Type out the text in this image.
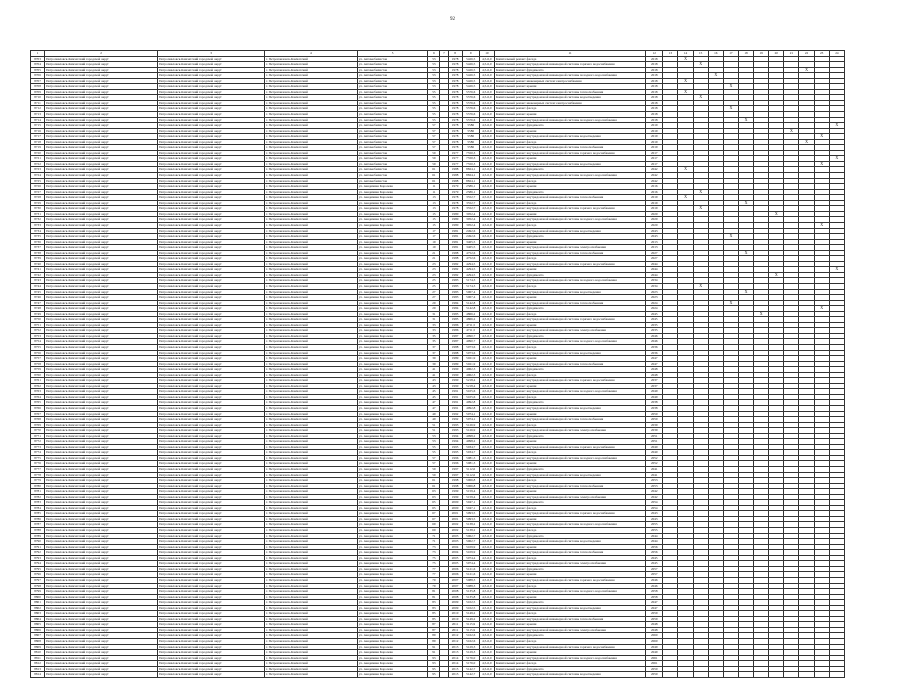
92
1	2	3	4	5	6	7	8	9	10	11	12	13	14	15	16	17	18	19	20	21	22	23	24
8703	Петропавловск-Камчатский городской округ	Петропавловск-Камчатский городской округ	г. Петропавловск-Камчатский	ул. Автомобилистов	53		1978	5426,5	4,5-6,0	Капитальный ремонт фасада	2018		X										
8704	Петропавловск-Камчатский городской округ	Петропавловск-Камчатский городской округ	г. Петропавловск-Камчатский	ул. Автомобилистов	53		1978	5426,5	4,5-6,0	Капитальный ремонт внутридомовой инженерной системы горячего водоснабжения	2018			X									
8705	Петропавловск-Камчатский городской округ	Петропавловск-Камчатский городской округ	г. Петропавловск-Камчатский	ул. Автомобилистов	53		1978	5426,5	4,5-6,0	Капитальный ремонт фундамента	2018										X		
8706	Петропавловск-Камчатский городской округ	Петропавловск-Камчатский городской округ	г. Петропавловск-Камчатский	ул. Автомобилистов	53		1978	5426,5	4,5-6,0	Капитальный ремонт внутридомовой инженерной системы холодного водоснабжения	2018				X								
8707	Петропавловск-Камчатский городской округ	Петропавловск-Камчатский городской округ	г. Петропавловск-Камчатский	ул. Автомобилистов	53		1978	5426,5	4,5-6,0	Капитальный ремонт инженерных систем электроснабжения	2018		X										
8708	Петропавловск-Камчатский городской округ	Петропавловск-Камчатский городской округ	г. Петропавловск-Камчатский	ул. Автомобилистов	53		1978	5426,5	4,5-6,0	Капитальный ремонт крыши	2018					X							
8709	Петропавловск-Камчатский городской округ	Петропавловск-Камчатский городской округ	г. Петропавловск-Камчатский	ул. Автомобилистов	55		1978	5576,6	4,5-6,0	Капитальный ремонт внутридомовой инженерной системы теплоснабжения	2018		X										
8710	Петропавловск-Камчатский городской округ	Петропавловск-Камчатский городской округ	г. Петропавловск-Камчатский	ул. Автомобилистов	55		1978	5576,6	4,5-6,0	Капитальный ремонт внутридомовой инженерной системы водоотведения	2018			X									
8711	Петропавловск-Камчатский городской округ	Петропавловск-Камчатский городской округ	г. Петропавловск-Камчатский	ул. Автомобилистов	55		1978	5576,6	4,5-6,0	Капитальный ремонт инженерных систем электроснабжения	2018												
8712	Петропавловск-Камчатский городской округ	Петропавловск-Камчатский городской округ	г. Петропавловск-Камчатский	ул. Автомобилистов	55		1978	5576,6	4,5-6,0	Капитальный ремонт фасада	2018					X							
8713	Петропавловск-Камчатский городской округ	Петропавловск-Камчатский городской округ	г. Петропавловск-Камчатский	ул. Автомобилистов	55		1978	5576,6	4,5-6,0	Капитальный ремонт крыши	2018												
8714	Петропавловск-Камчатский городской округ	Петропавловск-Камчатский городской округ	г. Петропавловск-Камчатский	ул. Автомобилистов	55		1978	5576,6	4,5-6,0	Капитальный ремонт внутридомовой инженерной системы холодного водоснабжения	2018						X						
8715	Петропавловск-Камчатский городской округ	Петропавловск-Камчатский городской округ	г. Петропавловск-Камчатский	ул. Автомобилистов	57		1978	5586	4,5-6,0	Капитальный ремонт фундамента	2019												X
8716	Петропавловск-Камчатский городской округ	Петропавловск-Камчатский городской округ	г. Петропавловск-Камчатский	ул. Автомобилистов	57		1978	5586	4,5-6,0	Капитальный ремонт крыши	2019									X			
8717	Петропавловск-Камчатский городской округ	Петропавловск-Камчатский городской округ	г. Петропавловск-Камчатский	ул. Автомобилистов	57		1978	5586	4,5-6,0	Капитальный ремонт внутридомовой инженерной системы водоотведения	2019											X	
8718	Петропавловск-Камчатский городской округ	Петропавловск-Камчатский городской округ	г. Петропавловск-Камчатский	ул. Автомобилистов	57		1978	5586	4,5-6,0	Капитальный ремонт фасада	2019										X		
8719	Петропавловск-Камчатский городской округ	Петропавловск-Камчатский городской округ	г. Петропавловск-Камчатский	ул. Автомобилистов	57		1978	5586	4,5-6,0	Капитальный ремонт внутридомовой инженерной системы теплоснабжения	2019												
8720	Петропавловск-Камчатский городской округ	Петропавловск-Камчатский городской округ	г. Петропавловск-Камчатский	ул. Автомобилистов	59		1977	7550,3	4,5-6,0	Капитальный ремонт внутридомовой инженерной системы горячего водоснабжения	2017												
8721	Петропавловск-Камчатский городской округ	Петропавловск-Камчатский городской округ	г. Петропавловск-Камчатский	ул. Автомобилистов	59		1977	7550,3	4,5-6,0	Капитальный ремонт крыши	2017												X
8722	Петропавловск-Камчатский городской округ	Петропавловск-Камчатский городской округ	г. Петропавловск-Камчатский	ул. Автомобилистов	59		1977	7550,3	4,5-6,0	Капитальный ремонт внутридомовой инженерной системы водоотведения	2017											X	
8723	Петропавловск-Камчатский городской округ	Петропавловск-Камчатский городской округ	г. Петропавловск-Камчатский	ул. Автомобилистов	61		1988	8824,1	4,5-6,0	Капитальный ремонт фундамента	2042		X										
8724	Петропавловск-Камчатский городской округ	Петропавловск-Камчатский городской округ	г. Петропавловск-Камчатский	ул. Автомобилистов	61		1988	8824,1	4,5-6,0	Капитальный ремонт внутридомовой инженерной системы холодного водоснабжения	2042												
8725	Петропавловск-Камчатский городской округ	Петропавловск-Камчатский городской округ	г. Петропавловск-Камчатский	ул. Автомобилистов	61		1988	8824,1	4,5-6,0	Капитальный ремонт фасада	2042												
8726	Петропавловск-Камчатский городской округ	Петропавловск-Камчатский городской округ	г. Петропавловск-Камчатский	ул. Академика Королева	11		1979	2586,1	4,5-6,0	Капитальный ремонт крыши	2016												
8727	Петропавловск-Камчатский городской округ	Петропавловск-Камчатский городской округ	г. Петропавловск-Камчатский	ул. Академика Королева	11		1979	2586,1	4,5-6,0	Капитальный ремонт фундамента	2016			X									
8728	Петропавловск-Камчатский городской округ	Петропавловск-Камчатский городской округ	г. Петропавловск-Камчатский	ул. Академика Королева	13		1978	3552,7	4,5-6,0	Капитальный ремонт внутридомовой инженерной системы теплоснабжения	2019		X										
8729	Петропавловск-Камчатский городской округ	Петропавловск-Камчатский городской округ	г. Петропавловск-Камчатский	ул. Академика Королева	13		1978	3552,7	4,5-6,0	Капитальный ремонт фасада	2019						X						
8730	Петропавловск-Камчатский городской округ	Петропавловск-Камчатский городской округ	г. Петропавловск-Камчатский	ул. Академика Королева	13		1978	3552,7	4,5-6,0	Капитальный ремонт внутридомовой инженерной системы горячего водоснабжения	2019			X									
8731	Петропавловск-Камчатский городской округ	Петропавловск-Камчатский городской округ	г. Петропавловск-Камчатский	ул. Академика Королева	15		1980	3052,4	4,5-6,0	Капитальный ремонт крыши	2020								X				
8732	Петропавловск-Камчатский городской округ	Петропавловск-Камчатский городской округ	г. Петропавловск-Камчатский	ул. Академика Королева	15		1980	3052,4	4,5-6,0	Капитальный ремонт внутридомовой инженерной системы холодного водоснабжения	2020												
8733	Петропавловск-Камчатский городской округ	Петропавловск-Камчатский городской округ	г. Петропавловск-Камчатский	ул. Академика Королева	15		1980	3052,4	4,5-6,0	Капитальный ремонт фасада	2020											X	
8734	Петропавловск-Камчатский городской округ	Петропавловск-Камчатский городской округ	г. Петропавловск-Камчатский	ул. Академика Королева	17		1981	2492,6	4,5-6,0	Капитальный ремонт внутридомовой инженерной системы водоотведения	2043												
8735	Петропавловск-Камчатский городской округ	Петропавловск-Камчатский городской округ	г. Петропавловск-Камчатский	ул. Академика Королева	17		1981	2492,6	4,5-6,0	Капитальный ремонт фундамента	2043					X							
8736	Петропавловск-Камчатский городской округ	Петропавловск-Камчатский городской округ	г. Петропавловск-Камчатский	ул. Академика Королева	19		1981	3465,5	4,5-6,0	Капитальный ремонт крыши	2013												
8737	Петропавловск-Камчатский городской округ	Петропавловск-Камчатский городской округ	г. Петропавловск-Камчатский	ул. Академика Королева	19		1981	3465,5	4,5-6,0	Капитальный ремонт внутридомовой инженерной системы электроснабжения	2013												
8738	Петропавловск-Камчатский городской округ	Петропавловск-Камчатский городской округ	г. Петропавловск-Камчатский	ул. Академика Королева	21		1988	4752,6	4,5-6,0	Капитальный ремонт внутридомовой инженерной системы теплоснабжения	2027						X						
8739	Петропавловск-Камчатский городской округ	Петропавловск-Камчатский городской округ	г. Петропавловск-Камчатский	ул. Академика Королева	21		1988	4752,6	4,5-6,0	Капитальный ремонт фасада	2027												
8740	Петропавловск-Камчатский городской округ	Петропавловск-Камчатский городской округ	г. Петропавловск-Камчатский	ул. Академика Королева	23		1982	4294,5	4,5-6,0	Капитальный ремонт внутридомовой инженерной системы горячего водоснабжения	2044												
8741	Петропавловск-Камчатский городской округ	Петропавловск-Камчатский городской округ	г. Петропавловск-Камчатский	ул. Академика Королева	23		1982	4294,5	4,5-6,0	Капитальный ремонт крыши	2044												X
8742	Петропавловск-Камчатский городской округ	Петропавловск-Камчатский городской округ	г. Петропавловск-Камчатский	ул. Академика Королева	23		1982	4294,5	4,5-6,0	Капитальный ремонт фундамента	2044								X				
8743	Петропавловск-Камчатский городской округ	Петропавловск-Камчатский городской округ	г. Петропавловск-Камчатский	ул. Академика Королева	25		1983	5174,3	4,5-6,0	Капитальный ремонт внутридомовой инженерной системы холодного водоснабжения	2034												
8744	Петропавловск-Камчатский городской округ	Петропавловск-Камчатский городской округ	г. Петропавловск-Камчатский	ул. Академика Королева	25		1983	5174,3	4,5-6,0	Капитальный ремонт фасада	2034			X									
8745	Петропавловск-Камчатский городской округ	Петропавловск-Камчатский городской округ	г. Петропавловск-Камчатский	ул. Академика Королева	27		1983	5067,4	4,5-6,0	Капитальный ремонт внутридомовой инженерной системы водоотведения	2023						X						
8746	Петропавловск-Камчатский городской округ	Петропавловск-Камчатский городской округ	г. Петропавловск-Камчатский	ул. Академика Королева	27		1983	5067,4	4,5-6,0	Капитальный ремонт крыши	2023												
8747	Петропавловск-Камчатский городской округ	Петропавловск-Камчатский городской округ	г. Петропавловск-Камчатский	ул. Академика Королева	29		1984	5142,8	4,5-6,0	Капитальный ремонт внутридомовой инженерной системы теплоснабжения	2024					X							
8748	Петропавловск-Камчатский городской округ	Петропавловск-Камчатский городской округ	г. Петропавловск-Камчатский	ул. Академика Королева	29		1984	5142,8	4,5-6,0	Капитальный ремонт фундамента	2024											X	
8749	Петропавловск-Камчатский городской округ	Петропавловск-Камчатский городской округ	г. Петропавловск-Камчатский	ул. Академика Королева	31		1985	4866,2	4,5-6,0	Капитальный ремонт фасада	2045							X					
8750	Петропавловск-Камчатский городской округ	Петропавловск-Камчатский городской округ	г. Петропавловск-Камчатский	ул. Академика Королева	31		1985	4866,2	4,5-6,0	Капитальный ремонт внутридомовой инженерной системы горячего водоснабжения	2045												
8751	Петропавловск-Камчатский городской округ	Петропавловск-Камчатский городской округ	г. Петропавловск-Камчатский	ул. Академика Королева	33		1986	4711,5	4,5-6,0	Капитальный ремонт крыши	2035												
8752	Петропавловск-Камчатский городской округ	Петропавловск-Камчатский городской округ	г. Петропавловск-Камчатский	ул. Академика Королева	33		1986	4711,5	4,5-6,0	Капитальный ремонт внутридомовой инженерной системы электроснабжения	2035												
8753	Петропавловск-Камчатский городской округ	Петропавловск-Камчатский городской округ	г. Петропавловск-Камчатский	ул. Академика Королева	35		1987	4990,7	4,5-6,0	Капитальный ремонт фундамента	2046												
8754	Петропавловск-Камчатский городской округ	Петропавловск-Камчатский городской округ	г. Петропавловск-Камчатский	ул. Академика Королева	35		1987	4990,7	4,5-6,0	Капитальный ремонт внутридомовой инженерной системы холодного водоснабжения	2046												
8755	Петропавловск-Камчатский городской округ	Петропавловск-Камчатский городской округ	г. Петропавловск-Камчатский	ул. Академика Королева	37		1988	5073,6	4,5-6,0	Капитальный ремонт фасада	2036												
8756	Петропавловск-Камчатский городской округ	Петропавловск-Камчатский городской округ	г. Петропавловск-Камчатский	ул. Академика Королева	37		1988	5073,6	4,5-6,0	Капитальный ремонт внутридомовой инженерной системы водоотведения	2036												
8757	Петропавловск-Камчатский городской округ	Петропавловск-Камчатский городской округ	г. Петропавловск-Камчатский	ул. Академика Королева	39		1989	5021,9	4,5-6,0	Капитальный ремонт крыши	2047												
8758	Петропавловск-Камчатский городской округ	Петропавловск-Камчатский городской округ	г. Петропавловск-Камчатский	ул. Академика Королева	39		1989	5021,9	4,5-6,0	Капитальный ремонт внутридомовой инженерной системы теплоснабжения	2047												
8759	Петропавловск-Камчатский городской округ	Петропавловск-Камчатский городской округ	г. Петропавловск-Камчатский	ул. Академика Королева	41		1990	4962,3	4,5-6,0	Капитальный ремонт фундамента	2048												
8760	Петропавловск-Камчатский городской округ	Петропавловск-Камчатский городской округ	г. Петропавловск-Камчатский	ул. Академика Королева	41		1990	4962,3	4,5-6,0	Капитальный ремонт фасада	2048												
8761	Петропавловск-Камчатский городской округ	Петропавловск-Камчатский городской округ	г. Петропавловск-Камчатский	ул. Академика Королева	43		1990	5218,4	4,5-6,0	Капитальный ремонт внутридомовой инженерной системы горячего водоснабжения	2037												
8762	Петропавловск-Камчатский городской округ	Петропавловск-Камчатский городской округ	г. Петропавловск-Камчатский	ул. Академика Королева	43		1990	5218,4	4,5-6,0	Капитальный ремонт крыши	2037												
8763	Петропавловск-Камчатский городской округ	Петропавловск-Камчатский городской округ	г. Петропавловск-Камчатский	ул. Академика Королева	45		1991	5105,6	4,5-6,0	Капитальный ремонт внутридомовой инженерной системы холодного водоснабжения	2049												
8764	Петропавловск-Камчатский городской округ	Петропавловск-Камчатский городской округ	г. Петропавловск-Камчатский	ул. Академика Королева	45		1991	5105,6	4,5-6,0	Капитальный ремонт фасада	2049												
8765	Петропавловск-Камчатский городской округ	Петропавловск-Камчатский городской округ	г. Петропавловск-Камчатский	ул. Академика Королева	47		1991	4992,8	4,5-6,0	Капитальный ремонт фундамента	2038												
8766	Петропавловск-Камчатский городской округ	Петропавловск-Камчатский городской округ	г. Петропавловск-Камчатский	ул. Академика Королева	47		1991	4992,8	4,5-6,0	Капитальный ремонт внутридомовой инженерной системы водоотведения	2038												
8767	Петропавловск-Камчатский городской округ	Петропавловск-Камчатский городской округ	г. Петропавловск-Камчатский	ул. Академика Королева	49		1992	5074,1	4,5-6,0	Капитальный ремонт крыши	2050												
8768	Петропавловск-Камчатский городской округ	Петропавловск-Камчатский городской округ	г. Петропавловск-Камчатский	ул. Академика Королева	49		1992	5074,1	4,5-6,0	Капитальный ремонт внутридомовой инженерной системы теплоснабжения	2050												
8769	Петропавловск-Камчатский городской округ	Петропавловск-Камчатский городской округ	г. Петропавловск-Камчатский	ул. Академика Королева	51		1993	5126,9	4,5-6,0	Капитальный ремонт фасада	2039												
8770	Петропавловск-Камчатский городской округ	Петропавловск-Камчатский городской округ	г. Петропавловск-Камчатский	ул. Академика Королева	51		1993	5126,9	4,5-6,0	Капитальный ремонт внутридомовой инженерной системы электроснабжения	2039												
8771	Петропавловск-Камчатский городской округ	Петропавловск-Камчатский городской округ	г. Петропавловск-Камчатский	ул. Академика Королева	53		1994	4998,2	4,5-6,0	Капитальный ремонт фундамента	2051												
8772	Петропавловск-Камчатский городской округ	Петропавловск-Камчатский городской округ	г. Петропавловск-Камчатский	ул. Академика Королева	53		1994	4998,2	4,5-6,0	Капитальный ремонт крыши	2051												
8773	Петропавловск-Камчатский городской округ	Петропавловск-Камчатский городской округ	г. Петропавловск-Камчатский	ул. Академика Королева	55		1995	5034,7	4,5-6,0	Капитальный ремонт внутридомовой инженерной системы горячего водоснабжения	2040												
8774	Петропавловск-Камчатский городской округ	Петропавловск-Камчатский городской округ	г. Петропавловск-Камчатский	ул. Академика Королева	55		1995	5034,7	4,5-6,0	Капитальный ремонт фасада	2040												
8775	Петропавловск-Камчатский городской округ	Петропавловск-Камчатский городской округ	г. Петропавловск-Камчатский	ул. Академика Королева	57		1996	5081,3	4,5-6,0	Капитальный ремонт внутридомовой инженерной системы холодного водоснабжения	2052												
8776	Петропавловск-Камчатский городской округ	Петропавловск-Камчатский городской округ	г. Петропавловск-Камчатский	ул. Академика Королева	57		1996	5081,3	4,5-6,0	Капитальный ремонт крыши	2052												
8777	Петропавловск-Камчатский городской округ	Петропавловск-Камчатский городской округ	г. Петропавловск-Камчатский	ул. Академика Королева	59		1997	5112,6	4,5-6,0	Капитальный ремонт фундамента	2041												
8778	Петропавловск-Камчатский городской округ	Петропавловск-Камчатский городской округ	г. Петропавловск-Камчатский	ул. Академика Королева	59		1997	5112,6	4,5-6,0	Капитальный ремонт внутридомовой инженерной системы водоотведения	2041												
8779	Петропавловск-Камчатский городской округ	Петропавловск-Камчатский городской округ	г. Петропавловск-Камчатский	ул. Академика Королева	61		1998	5066,8	4,5-6,0	Капитальный ремонт фасада	2053												
8780	Петропавловск-Камчатский городской округ	Петропавловск-Камчатский городской округ	г. Петропавловск-Камчатский	ул. Академика Королева	61		1998	5066,8	4,5-6,0	Капитальный ремонт внутридомовой инженерной системы теплоснабжения	2053												
8781	Петропавловск-Камчатский городской округ	Петропавловск-Камчатский городской округ	г. Петропавловск-Камчатский	ул. Академика Королева	63		1999	5159,4	4,5-6,0	Капитальный ремонт крыши	2042												
8782	Петропавловск-Камчатский городской округ	Петропавловск-Камчатский городской округ	г. Петропавловск-Камчатский	ул. Академика Королева	63		1999	5159,4	4,5-6,0	Капитальный ремонт внутридомовой инженерной системы электроснабжения	2042												
8783	Петропавловск-Камчатский городской округ	Петропавловск-Камчатский городской округ	г. Петропавловск-Камчатский	ул. Академика Королева	65		2000	5047,1	4,5-6,0	Капитальный ремонт фундамента	2054												
8784	Петропавловск-Камчатский городской округ	Петропавловск-Камчатский городской округ	г. Петропавловск-Камчатский	ул. Академика Королева	65		2000	5047,1	4,5-6,0	Капитальный ремонт фасада	2054												
8785	Петропавловск-Камчатский городской округ	Петропавловск-Камчатский городской округ	г. Петропавловск-Камчатский	ул. Академика Королева	67		2001	5093,5	4,5-6,0	Капитальный ремонт внутридомовой инженерной системы горячего водоснабжения	2043												
8786	Петропавловск-Камчатский городской округ	Петропавловск-Камчатский городской округ	г. Петропавловск-Камчатский	ул. Академика Королева	67		2001	5093,5	4,5-6,0	Капитальный ремонт крыши	2043												
8787	Петропавловск-Камчатский городской округ	Петропавловск-Камчатский городской округ	г. Петропавловск-Камчатский	ул. Академика Королева	69		2002	5138,2	4,5-6,0	Капитальный ремонт внутридомовой инженерной системы холодного водоснабжения	2055												
8788	Петропавловск-Камчатский городской округ	Петропавловск-Камчатский городской округ	г. Петропавловск-Камчатский	ул. Академика Королева	69		2002	5138,2	4,5-6,0	Капитальный ремонт фасада	2055												
8789	Петропавловск-Камчатский городской округ	Петропавловск-Камчатский городской округ	г. Петропавловск-Камчатский	ул. Академика Королева	71		2003	5062,7	4,5-6,0	Капитальный ремонт фундамента	2044												
8790	Петропавловск-Камчатский городской округ	Петропавловск-Камчатский городской округ	г. Петропавловск-Камчатский	ул. Академика Королева	71		2003	5062,7	4,5-6,0	Капитальный ремонт внутридомовой инженерной системы водоотведения	2044												
8791	Петропавловск-Камчатский городской округ	Петропавловск-Камчатский городской округ	г. Петропавловск-Камчатский	ул. Академика Королева	73		2004	5109,9	4,5-6,0	Капитальный ремонт крыши	2056												
8792	Петропавловск-Камчатский городской округ	Петропавловск-Камчатский городской округ	г. Петропавловск-Камчатский	ул. Академика Королева	73		2004	5109,9	4,5-6,0	Капитальный ремонт внутридомовой инженерной системы теплоснабжения	2056												
8793	Петропавловск-Камчатский городской округ	Петропавловск-Камчатский городской округ	г. Петропавловск-Камчатский	ул. Академика Королева	75		2005	5074,4	4,5-6,0	Капитальный ремонт фасада	2045												
8794	Петропавловск-Камчатский городской округ	Петропавловск-Камчатский городской округ	г. Петропавловск-Камчатский	ул. Академика Королева	75		2005	5074,4	4,5-6,0	Капитальный ремонт внутридомовой инженерной системы электроснабжения	2045												
8795	Петропавловск-Камчатский городской округ	Петропавловск-Камчатский городской округ	г. Петропавловск-Камчатский	ул. Академика Королева	77		2006	5121,6	4,5-6,0	Капитальный ремонт фундамента	2057												
8796	Петропавловск-Камчатский городской округ	Петропавловск-Камчатский городской округ	г. Петропавловск-Камчатский	ул. Академика Королева	77		2006	5121,6	4,5-6,0	Капитальный ремонт крыши	2057												
8797	Петропавловск-Камчатский городской округ	Петропавловск-Камчатский городской округ	г. Петропавловск-Камчатский	ул. Академика Королева	79		2007	5088,3	4,5-6,0	Капитальный ремонт внутридомовой инженерной системы горячего водоснабжения	2046												
8798	Петропавловск-Камчатский городской округ	Петропавловск-Камчатский городской округ	г. Петропавловск-Камчатский	ул. Академика Королева	79		2007	5088,3	4,5-6,0	Капитальный ремонт фасада	2046												
8799	Петропавловск-Камчатский городской округ	Петропавловск-Камчатский городской округ	г. Петропавловск-Камчатский	ул. Академика Королева	81		2008	5135,8	4,5-6,0	Капитальный ремонт внутридомовой инженерной системы холодного водоснабжения	2058												
8800	Петропавловск-Камчатский городской округ	Петропавловск-Камчатский городской округ	г. Петропавловск-Камчатский	ул. Академика Королева	81		2008	5135,8	4,5-6,0	Капитальный ремонт крыши	2058												
8801	Петропавловск-Камчатский городской округ	Петропавловск-Камчатский городской округ	г. Петропавловск-Камчатский	ул. Академика Королева	83		2009	5102,5	4,5-6,0	Капитальный ремонт фундамента	2047												
8802	Петропавловск-Камчатский городской округ	Петропавловск-Камчатский городской округ	г. Петропавловск-Камчатский	ул. Академика Королева	83		2009	5102,5	4,5-6,0	Капитальный ремонт внутридомовой инженерной системы водоотведения	2047												
8803	Петропавловск-Камчатский городской округ	Петропавловск-Камчатский городской округ	г. Петропавловск-Камчатский	ул. Академика Королева	85		2010	5149,2	4,5-6,0	Капитальный ремонт фасада	2059												
8804	Петропавловск-Камчатский городской округ	Петропавловск-Камчатский городской округ	г. Петропавловск-Камчатский	ул. Академика Королева	85		2010	5149,2	4,5-6,0	Капитальный ремонт внутридомовой инженерной системы теплоснабжения	2059												
8805	Петропавловск-Камчатский городской округ	Петропавловск-Камчатский городской округ	г. Петропавловск-Камчатский	ул. Академика Королева	87		2011	5115,9	4,5-6,0	Капитальный ремонт крыши	2048												
8806	Петропавловск-Камчатский городской округ	Петропавловск-Камчатский городской округ	г. Петропавловск-Камчатский	ул. Академика Королева	87		2011	5115,9	4,5-6,0	Капитальный ремонт внутридомовой инженерной системы электроснабжения	2048												
8807	Петропавловск-Камчатский городской округ	Петропавловск-Камчатский городской округ	г. Петропавловск-Камчатский	ул. Академика Королева	89		2012	5162,6	4,5-6,0	Капитальный ремонт фундамента	2060												
8808	Петропавловск-Камчатский городской округ	Петропавловск-Камчатский городской округ	г. Петропавловск-Камчатский	ул. Академика Королева	89		2012	5162,6	4,5-6,0	Капитальный ремонт фасада	2060												
8809	Петропавловск-Камчатский городской округ	Петропавловск-Камчатский городской округ	г. Петропавловск-Камчатский	ул. Академика Королева	91		2013	5129,3	4,5-6,0	Капитальный ремонт внутридомовой инженерной системы горячего водоснабжения	2049												
8810	Петропавловск-Камчатский городской округ	Петропавловск-Камчатский городской округ	г. Петропавловск-Камчатский	ул. Академика Королева	91		2013	5129,3	4,5-6,0	Капитальный ремонт крыши	2049												
8811	Петропавловск-Камчатский городской округ	Петропавловск-Камчатский городской округ	г. Петропавловск-Камчатский	ул. Академика Королева	93		2014	5176,0	4,5-6,0	Капитальный ремонт внутридомовой инженерной системы холодного водоснабжения	2061												
8812	Петропавловск-Камчатский городской округ	Петропавловск-Камчатский городской округ	г. Петропавловск-Камчатский	ул. Академика Королева	93		2014	5176,0	4,5-6,0	Капитальный ремонт фасада	2061												
8813	Петропавловск-Камчатский городской округ	Петропавловск-Камчатский городской округ	г. Петропавловск-Камчатский	ул. Академика Королева	95		2015	5142,7	4,5-6,0	Капитальный ремонт фундамента	2050												
8814	Петропавловск-Камчатский городской округ	Петропавловск-Камчатский городской округ	г. Петропавловск-Камчатский	ул. Академика Королева	95		2015	5142,7	4,5-6,0	Капитальный ремонт внутридомовой инженерной системы водоотведения	2050												
